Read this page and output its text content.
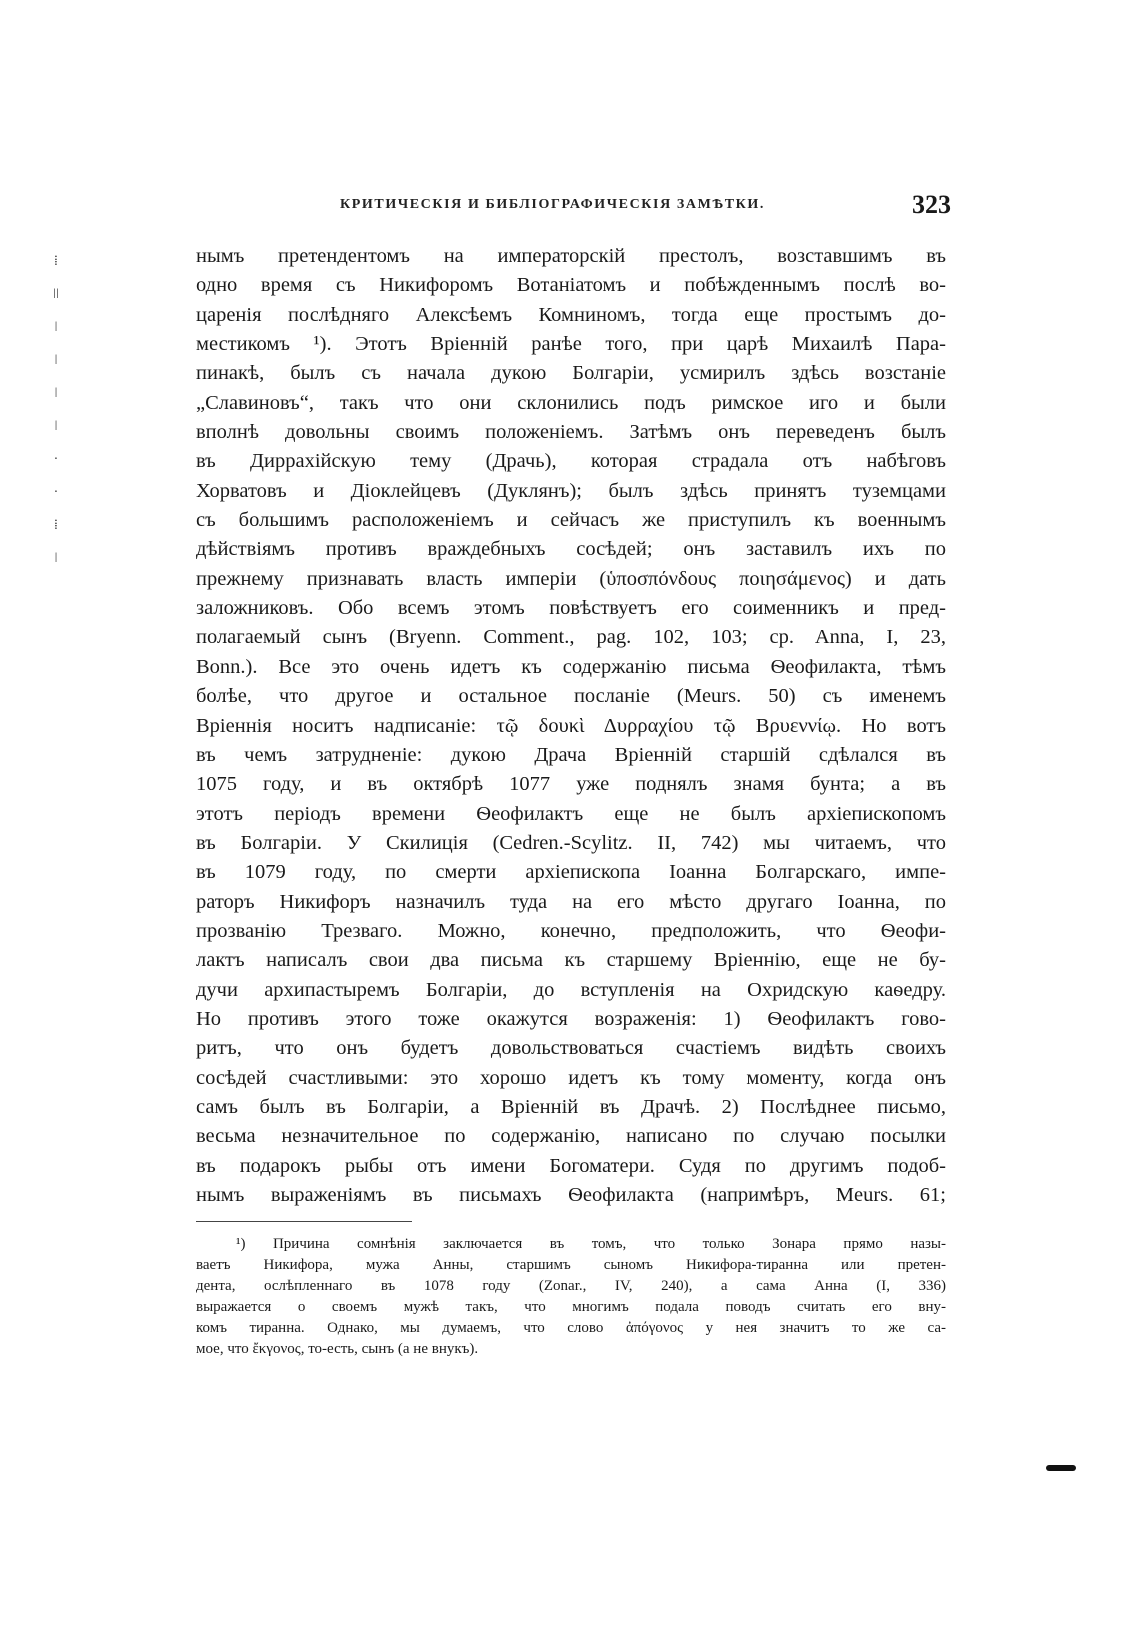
КРИТИЧЕСКІЯ И БИБЛІОГРАФИЧЕСКІЯ ЗАМѢТКИ.	323
⁞
ǀǀ
ǀ
ǀ
ǀ
ǀ
·
·
⁞
ǀ
нымъ претендентомъ на императорскій престолъ, возставшимъ въ
одно время съ Никифоромъ Вотаніатомъ и побѣжденнымъ послѣ во-
царенія послѣдняго Алексѣемъ Комниномъ, тогда еще простымъ до-
местикомъ ¹). Этотъ Вріенній ранѣе того, при царѣ Михаилѣ Пара-
пинакѣ, былъ съ начала дукою Болгаріи, усмирилъ здѣсь возстаніе
„Славиновъ“, такъ что они склонились подъ римское иго и были
вполнѣ довольны своимъ положеніемъ. Затѣмъ онъ переведенъ былъ
въ Диррахійскую тему (Драчь), которая страдала отъ набѣговъ
Хорватовъ и Діоклейцевъ (Дуклянъ); былъ здѣсь принятъ туземцами
съ большимъ расположеніемъ и сейчасъ же приступилъ къ военнымъ
дѣйствіямъ противъ враждебныхъ сосѣдей; онъ заставилъ ихъ по
прежнему признавать власть имперіи (ὑποσπόνδους ποιησάμενος) и дать
заложниковъ. Обо всемъ этомъ повѣствуетъ его соименникъ и пред-
полагаемый сынъ (Bryenn. Comment., pag. 102, 103; cp. Anna, I, 23,
Bonn.). Все это очень идетъ къ содержанію письма Ѳеофилакта, тѣмъ
болѣе, что другое и остальное посланіе (Meurs. 50) съ именемъ
Вріеннія носитъ надписаніе: τῷ δουκὶ Δυρραχίου τῷ Βρυεννίῳ. Но вотъ
въ чемъ затрудненіе: дукою Драча Вріенній старшій сдѣлался въ
1075 году, и въ октябрѣ 1077 уже поднялъ знамя бунта; а въ
этотъ періодъ времени Ѳеофилактъ еще не былъ архіепископомъ
въ Болгаріи. У Скилицiя (Cedren.-Scylitz. II, 742) мы читаемъ, что
въ 1079 году, по смерти архіепископа Іоанна Болгарскаго, импе-
раторъ Никифоръ назначилъ туда на его мѣсто другаго Іоанна, по
прозванію Трезваго. Можно, конечно, предположить, что Ѳеофи-
лактъ написалъ свои два письма къ старшему Вріеннію, еще не бу-
дучи архипастыремъ Болгаріи, до вступленія на Охридскую каѳедру.
Но противъ этого тоже окажутся возраженія: 1) Ѳеофилактъ гово-
ритъ, что онъ будетъ довольствоваться счастіемъ видѣть своихъ
сосѣдей счастливыми: это хорошо идетъ къ тому моменту, когда онъ
самъ былъ въ Болгаріи, а Вріенній въ Драчѣ. 2) Послѣднее письмо,
весьма незначительное по содержанію, написано по случаю посылки
въ подарокъ рыбы отъ имени Богоматери. Судя по другимъ подоб-
нымъ выраженіямъ въ письмахъ Ѳеофилакта (напримѣръ, Meurs. 61;
¹) Причина сомнѣнія заключается въ томъ, что только Зонара прямо назы-
ваетъ Никифора, мужа Анны, старшимъ сыномъ Никифора-тиранна или претен-
дента, ослѣпленнаго въ 1078 году (Zonar., IV, 240), а сама Анна (I, 336)
выражается о своемъ мужѣ такъ, что многимъ подала поводъ считать его вну-
комъ тиранна. Однако, мы думаемъ, что слово ἀπόγονος у нея значитъ то же са-
мое, что ἔκγονος, то-есть, сынъ (а не внукъ).
